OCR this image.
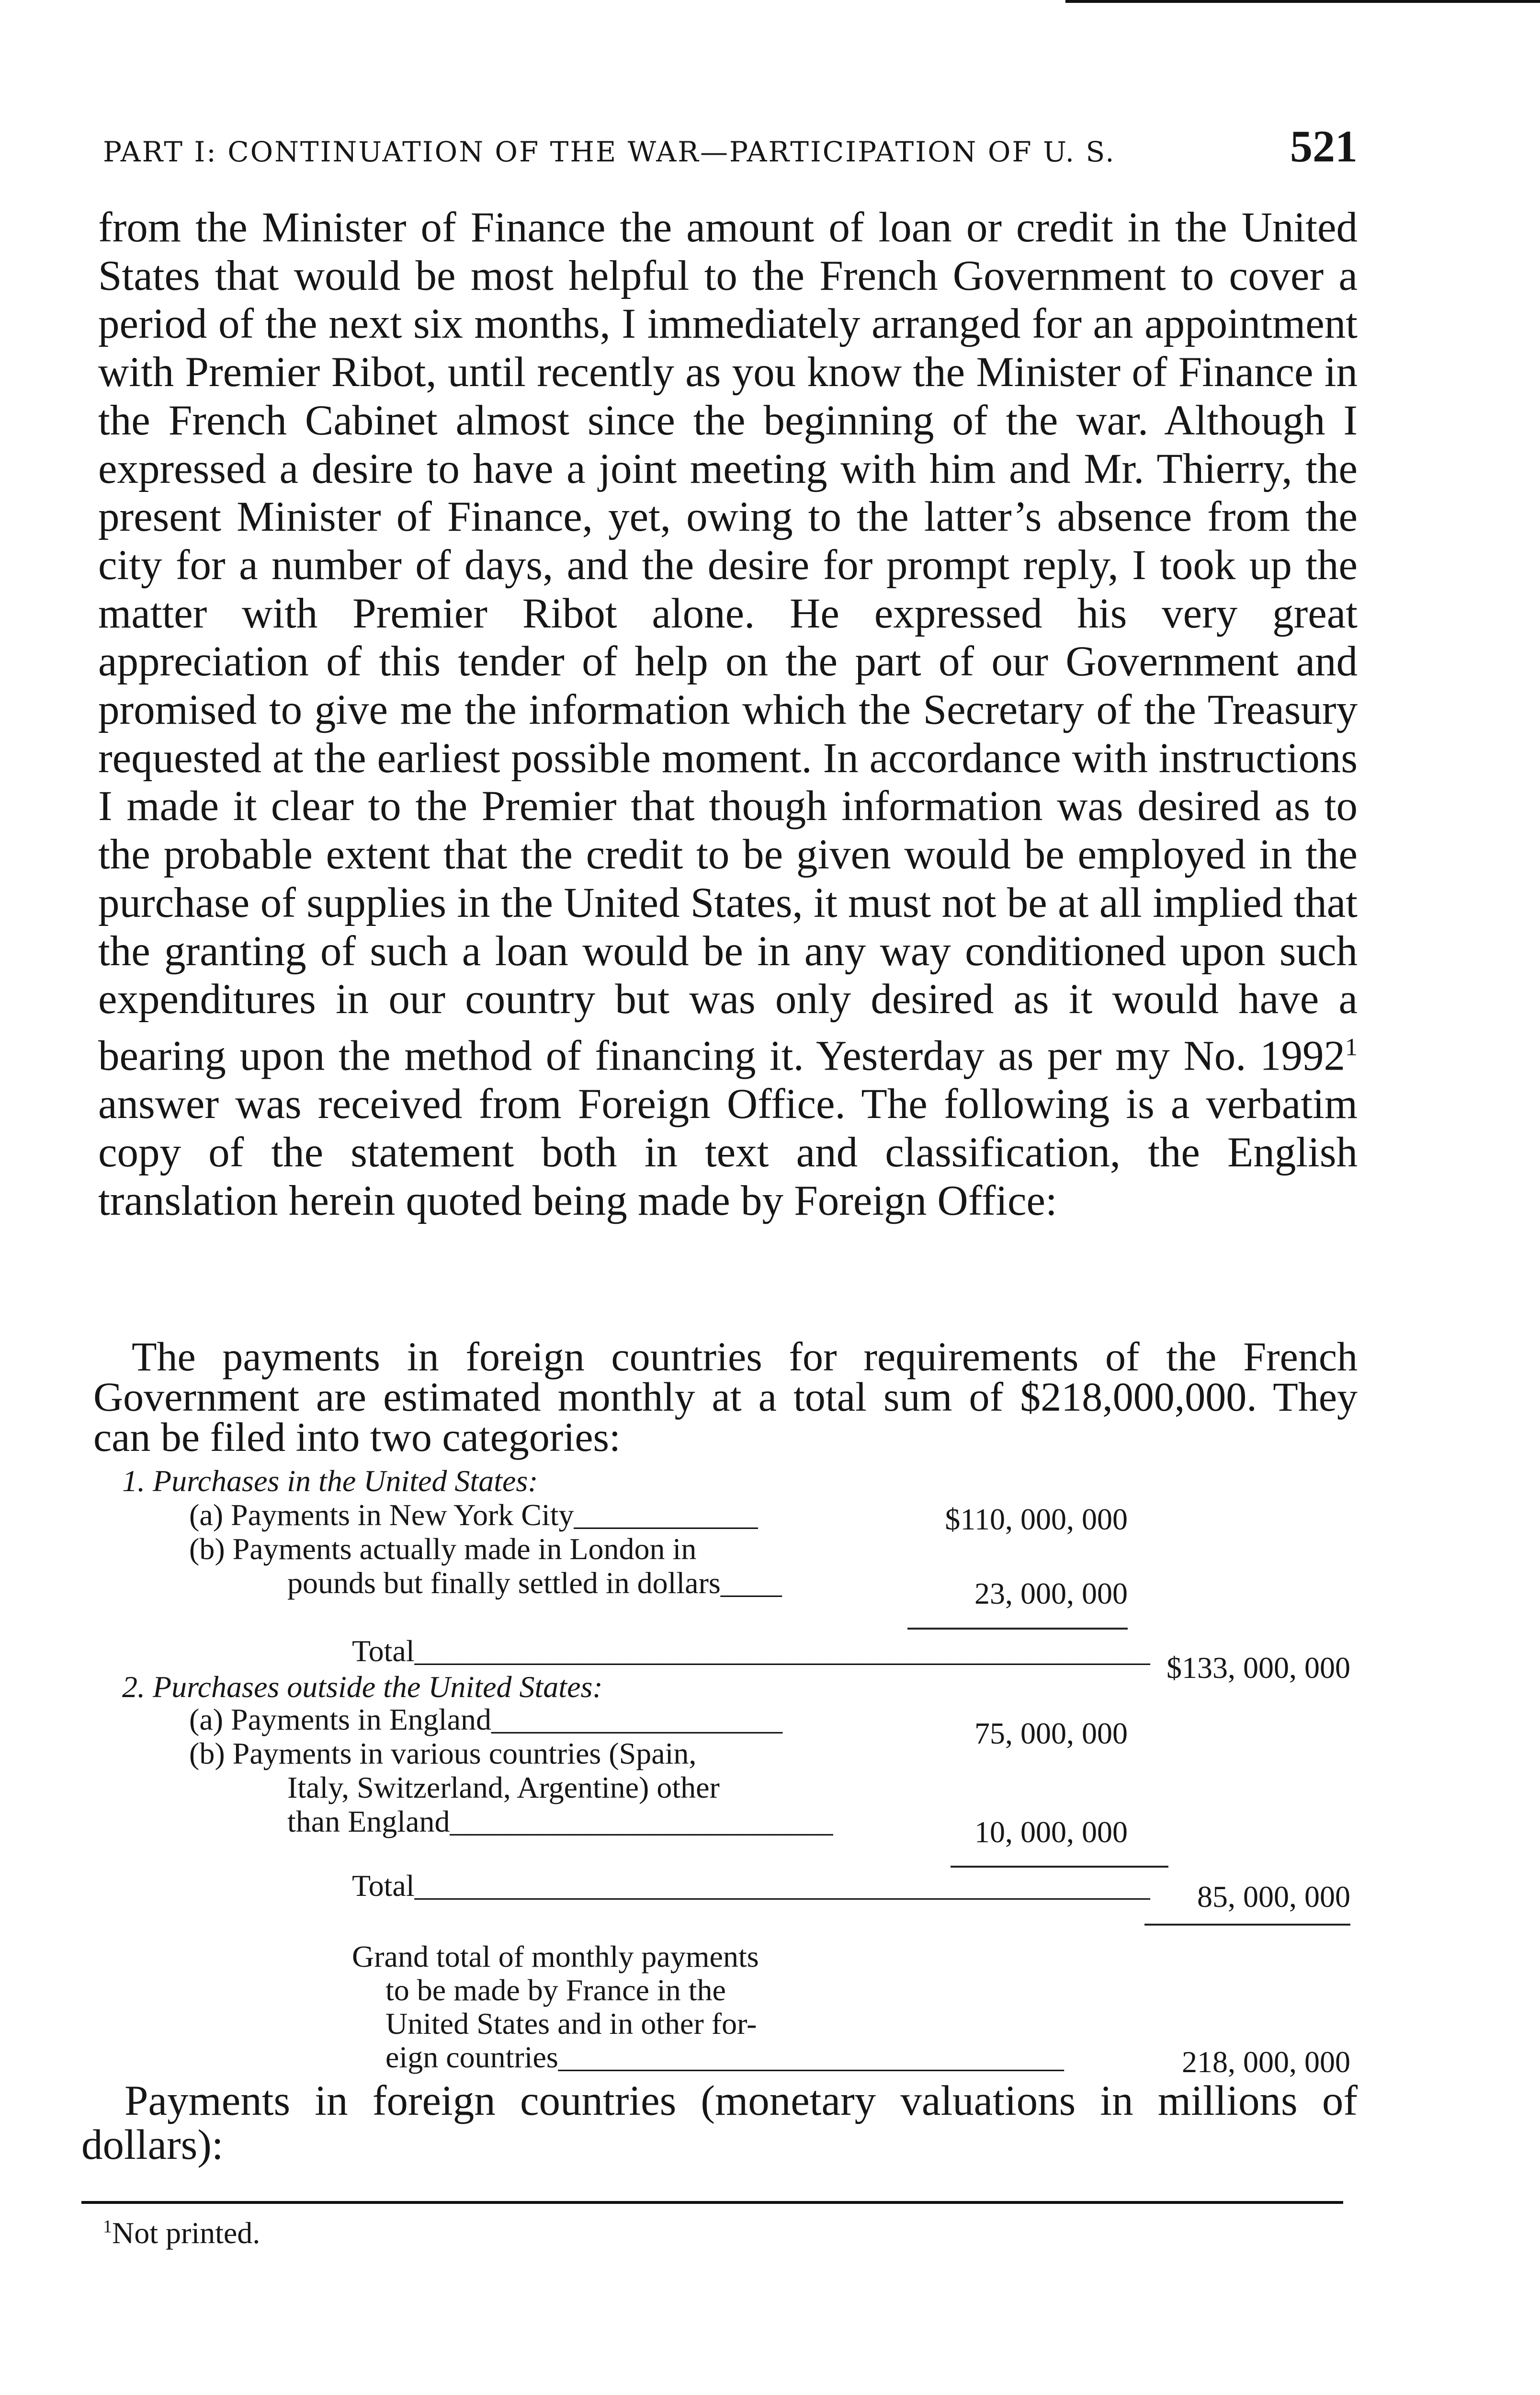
PART I: CONTINUATION OF THE WAR—PARTICIPATION OF U. S.	521

from the Minister of Finance the amount of loan or credit in the United States that would be most helpful to the French Government to cover a period of the next six months, I immediately arranged for an appointment with Premier Ribot, until recently as you know the Minister of Finance in the French Cabinet almost since the beginning of the war. Although I expressed a desire to have a joint meeting with him and Mr. Thierry, the present Minister of Finance, yet, owing to the latter’s absence from the city for a number of days, and the desire for prompt reply, I took up the matter with Premier Ribot alone. He expressed his very great appreciation of this tender of help on the part of our Government and promised to give me the information which the Secretary of the Treasury requested at the earliest possible moment. In accordance with instructions I made it clear to the Premier that though information was desired as to the probable extent that the credit to be given would be employed in the purchase of supplies in the United States, it must not be at all implied that the granting of such a loan would be in any way conditioned upon such expenditures in our country but was only desired as it would have a bearing upon the method of financing it. Yesterday as per my No. 1992$^1$ answer was received from Foreign Office. The following is a verbatim copy of the statement both in text and classification, the English translation herein quoted being made by Foreign Office:

The payments in foreign countries for requirements of the French Government are estimated monthly at a total sum of $218,000,000. They can be filed into two categories:

1. Purchases in the United States:
(a) Payments in New York City____________	$110, 000, 000
(b) Payments actually made in London in
pounds but finally settled in dollars____	23, 000, 000
Total________________________________________________ $133, 000, 000
2. Purchases outside the United States:
(a) Payments in England___________________	75, 000, 000
(b) Payments in various countries (Spain,
Italy, Switzerland, Argentine) other
than England_________________________	10, 000, 000
Total________________________________________________	85, 000, 000
Grand total of monthly payments
to be made by France in the
United States and in other for-
eign countries_________________________________	218, 000, 000

Payments in foreign countries (monetary valuations in millions of dollars):

$^1$Not printed.
